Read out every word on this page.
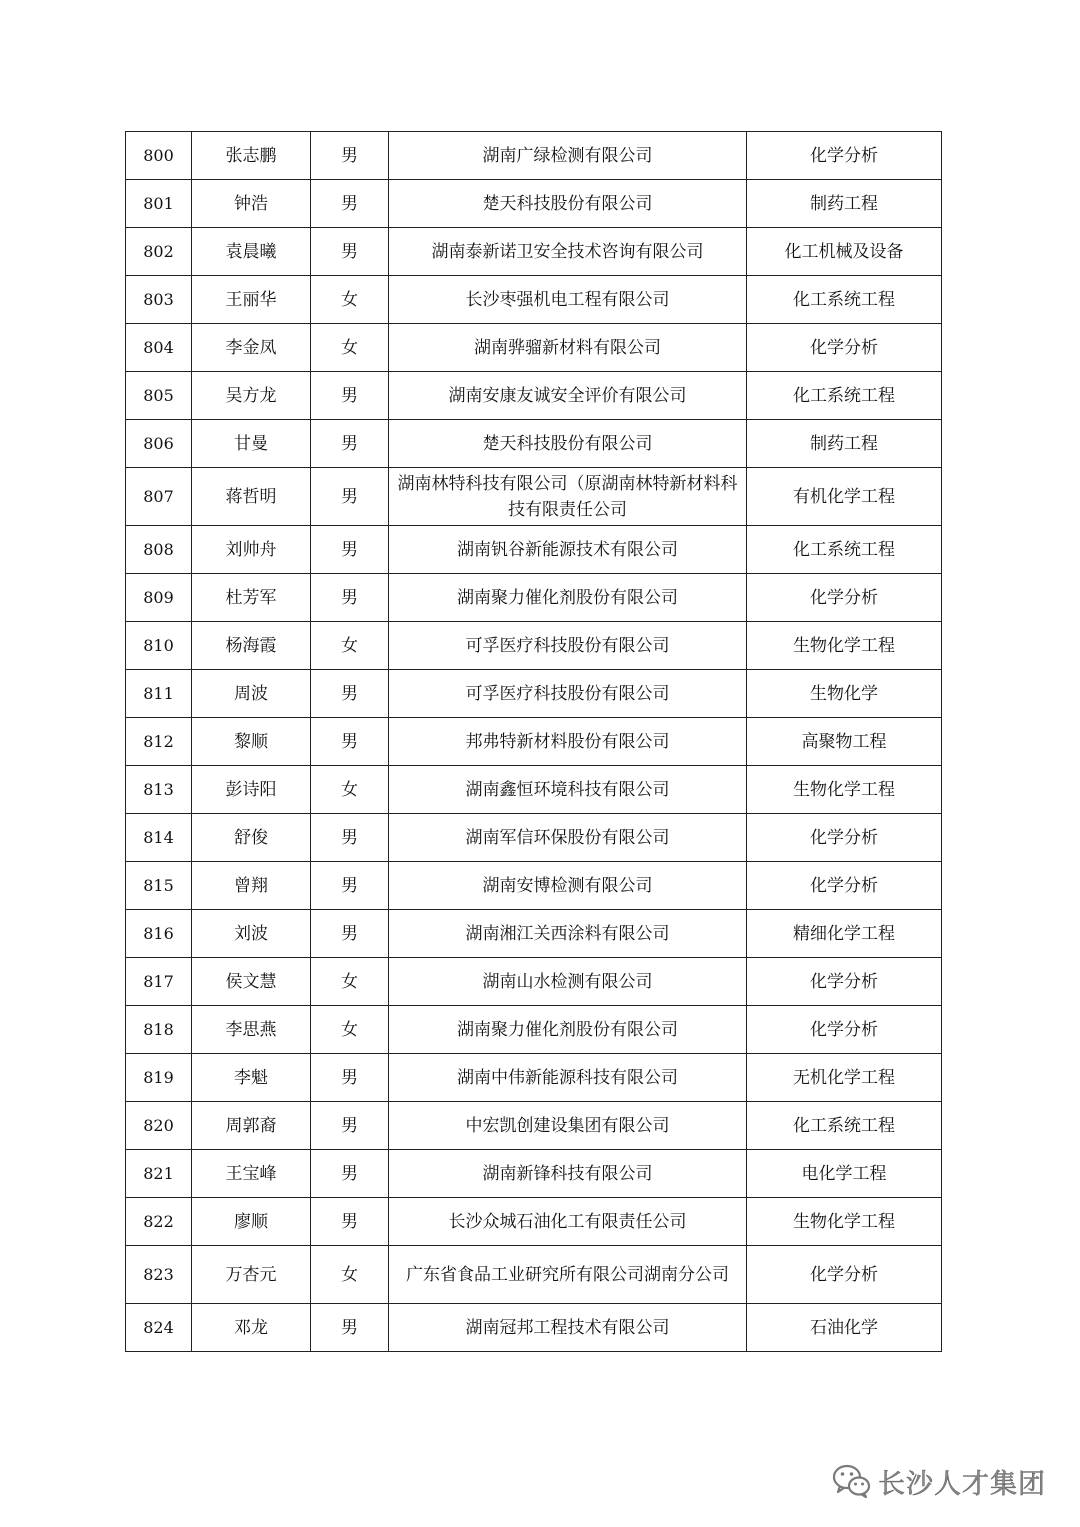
800	张志鹏	男	湖南广绿检测有限公司	化学分析
801	钟浩	男	楚天科技股份有限公司	制药工程
802	袁晨曦	男	湖南泰新诺卫安全技术咨询有限公司	化工机械及设备
803	王丽华	女	长沙枣强机电工程有限公司	化工系统工程
804	李金凤	女	湖南骅骝新材料有限公司	化学分析
805	吴方龙	男	湖南安康友诚安全评价有限公司	化工系统工程
806	甘曼	男	楚天科技股份有限公司	制药工程
807	蒋哲明	男	湖南林特科技有限公司（原湖南林特新材料科技有限责任公司	有机化学工程
808	刘帅舟	男	湖南钒谷新能源技术有限公司	化工系统工程
809	杜芳军	男	湖南聚力催化剂股份有限公司	化学分析
810	杨海霞	女	可孚医疗科技股份有限公司	生物化学工程
811	周波	男	可孚医疗科技股份有限公司	生物化学
812	黎顺	男	邦弗特新材料股份有限公司	高聚物工程
813	彭诗阳	女	湖南鑫恒环境科技有限公司	生物化学工程
814	舒俊	男	湖南军信环保股份有限公司	化学分析
815	曾翔	男	湖南安博检测有限公司	化学分析
816	刘波	男	湖南湘江关西涂料有限公司	精细化学工程
817	侯文慧	女	湖南山水检测有限公司	化学分析
818	李思燕	女	湖南聚力催化剂股份有限公司	化学分析
819	李魁	男	湖南中伟新能源科技有限公司	无机化学工程
820	周郭裔	男	中宏凯创建设集团有限公司	化工系统工程
821	王宝峰	男	湖南新锋科技有限公司	电化学工程
822	廖顺	男	长沙众城石油化工有限责任公司	生物化学工程
823	万杏元	女	广东省食品工业研究所有限公司湖南分公司	化学分析
824	邓龙	男	湖南冠邦工程技术有限公司	石油化学
长沙人才集团
